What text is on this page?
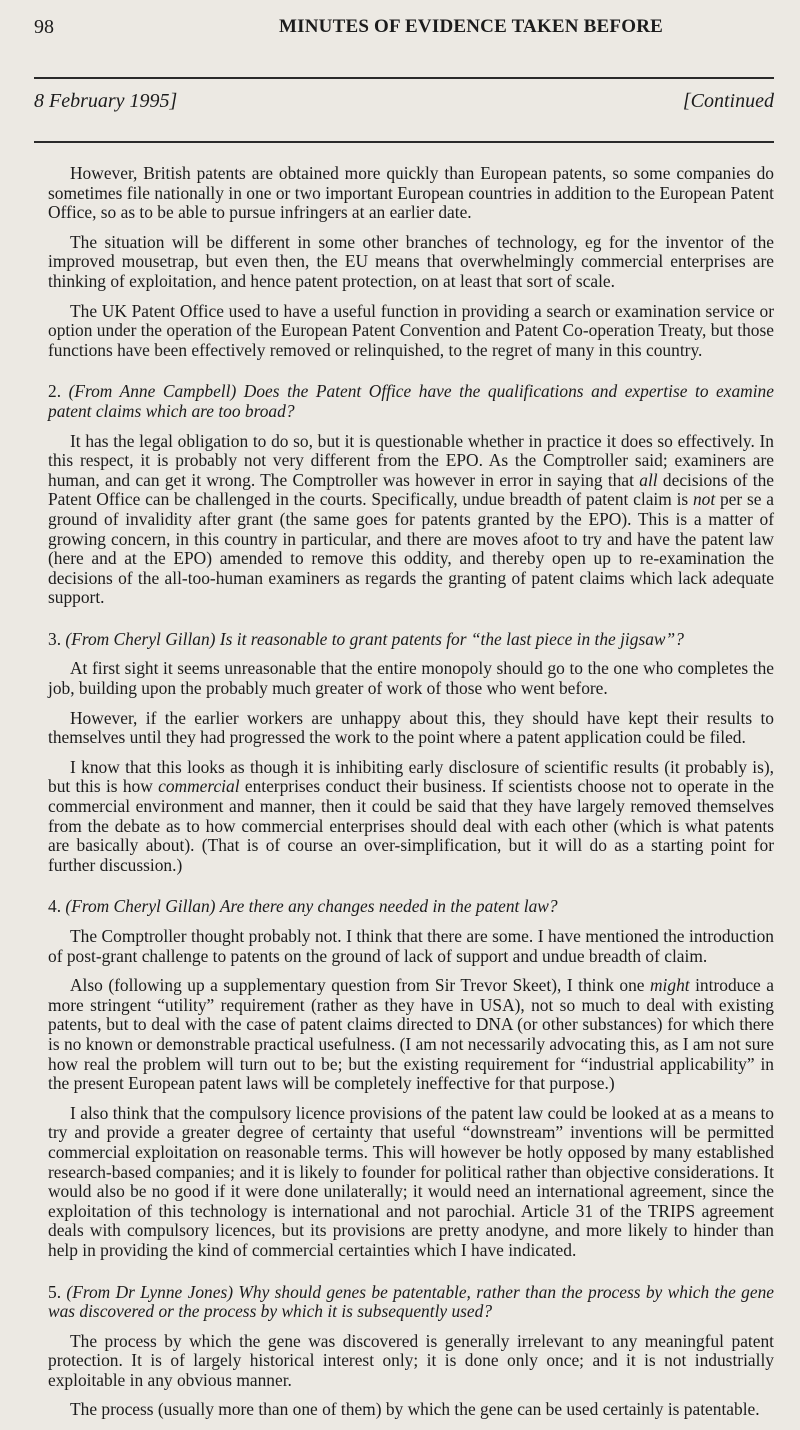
98	MINUTES OF EVIDENCE TAKEN BEFORE
8 February 1995]	[Continued

However, British patents are obtained more quickly than European patents, so some companies do sometimes file nationally in one or two important European countries in addition to the European Patent Office, so as to be able to pursue infringers at an earlier date.

The situation will be different in some other branches of technology, eg for the inventor of the improved mousetrap, but even then, the EU means that overwhelmingly commercial enterprises are thinking of exploitation, and hence patent protection, on at least that sort of scale.

The UK Patent Office used to have a useful function in providing a search or examination service or option under the operation of the European Patent Convention and Patent Co-operation Treaty, but those functions have been effectively removed or relinquished, to the regret of many in this country.

2. (From Anne Campbell) Does the Patent Office have the qualifications and expertise to examine patent claims which are too broad?

It has the legal obligation to do so, but it is questionable whether in practice it does so effectively. In this respect, it is probably not very different from the EPO. As the Comptroller said; examiners are human, and can get it wrong. The Comptroller was however in error in saying that all decisions of the Patent Office can be challenged in the courts. Specifically, undue breadth of patent claim is not per se a ground of invalidity after grant (the same goes for patents granted by the EPO). This is a matter of growing concern, in this country in particular, and there are moves afoot to try and have the patent law (here and at the EPO) amended to remove this oddity, and thereby open up to re-examination the decisions of the all-too-human examiners as regards the granting of patent claims which lack adequate support.

3. (From Cheryl Gillan) Is it reasonable to grant patents for “the last piece in the jigsaw”?

At first sight it seems unreasonable that the entire monopoly should go to the one who completes the job, building upon the probably much greater of work of those who went before.

However, if the earlier workers are unhappy about this, they should have kept their results to themselves until they had progressed the work to the point where a patent application could be filed.

I know that this looks as though it is inhibiting early disclosure of scientific results (it probably is), but this is how commercial enterprises conduct their business. If scientists choose not to operate in the commercial environment and manner, then it could be said that they have largely removed themselves from the debate as to how commercial enterprises should deal with each other (which is what patents are basically about). (That is of course an over-simplification, but it will do as a starting point for further discussion.)

4. (From Cheryl Gillan) Are there any changes needed in the patent law?

The Comptroller thought probably not. I think that there are some. I have mentioned the introduction of post-grant challenge to patents on the ground of lack of support and undue breadth of claim.

Also (following up a supplementary question from Sir Trevor Skeet), I think one might introduce a more stringent “utility” requirement (rather as they have in USA), not so much to deal with existing patents, but to deal with the case of patent claims directed to DNA (or other substances) for which there is no known or demonstrable practical usefulness. (I am not necessarily advocating this, as I am not sure how real the problem will turn out to be; but the existing requirement for “industrial applicability” in the present European patent laws will be completely ineffective for that purpose.)

I also think that the compulsory licence provisions of the patent law could be looked at as a means to try and provide a greater degree of certainty that useful “downstream” inventions will be permitted commercial exploitation on reasonable terms. This will however be hotly opposed by many established research-based companies; and it is likely to founder for political rather than objective considerations. It would also be no good if it were done unilaterally; it would need an international agreement, since the exploitation of this technology is international and not parochial. Article 31 of the TRIPS agreement deals with compulsory licences, but its provisions are pretty anodyne, and more likely to hinder than help in providing the kind of commercial certainties which I have indicated.

5. (From Dr Lynne Jones) Why should genes be patentable, rather than the process by which the gene was discovered or the process by which it is subsequently used?

The process by which the gene was discovered is generally irrelevant to any meaningful patent protection. It is of largely historical interest only; it is done only once; and it is not industrially exploitable in any obvious manner.

The process (usually more than one of them) by which the gene can be used certainly is patentable.
